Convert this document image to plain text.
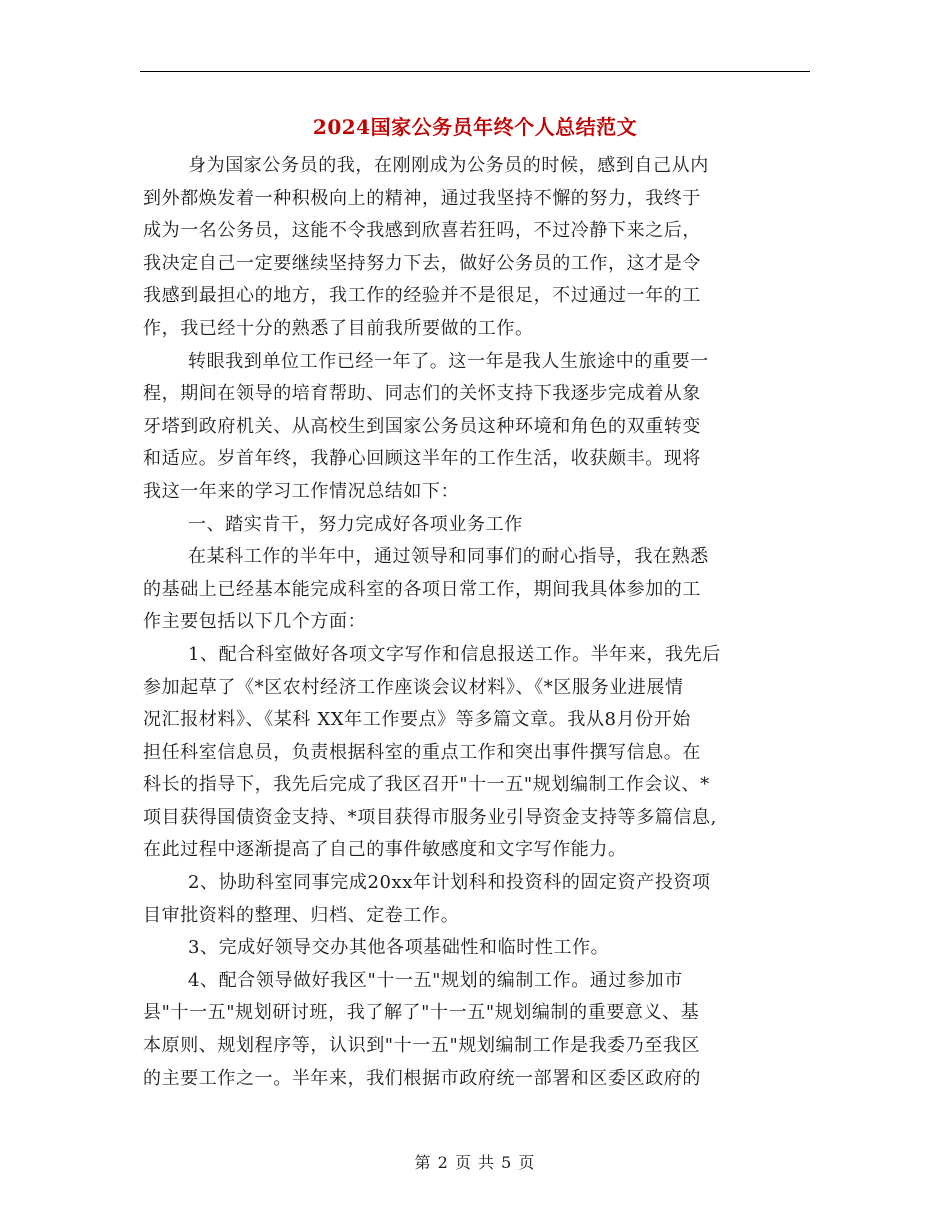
2024国家公务员年终个人总结范文
身为国家公务员的我，在刚刚成为公务员的时候，感到自己从内
到外都焕发着一种积极向上的精神，通过我坚持不懈的努力，我终于
成为一名公务员，这能不令我感到欣喜若狂吗，不过冷静下来之后，
我决定自己一定要继续坚持努力下去，做好公务员的工作，这才是令
我感到最担心的地方，我工作的经验并不是很足，不过通过一年的工
作，我已经十分的熟悉了目前我所要做的工作。
转眼我到单位工作已经一年了。这一年是我人生旅途中的重要一
程，期间在领导的培育帮助、同志们的关怀支持下我逐步完成着从象
牙塔到政府机关、从高校生到国家公务员这种环境和角色的双重转变
和适应。岁首年终，我静心回顾这半年的工作生活，收获颇丰。现将
我这一年来的学习工作情况总结如下：
一、踏实肯干，努力完成好各项业务工作
在某科工作的半年中，通过领导和同事们的耐心指导，我在熟悉
的基础上已经基本能完成科室的各项日常工作，期间我具体参加的工
作主要包括以下几个方面：
1、配合科室做好各项文字写作和信息报送工作。半年来，我先后
参加起草了《*区农村经济工作座谈会议材料》、《*区服务业进展情
况汇报材料》、《某科 XX年工作要点》等多篇文章。我从8月份开始
担任科室信息员，负责根据科室的重点工作和突出事件撰写信息。在
科长的指导下，我先后完成了我区召开"十一五"规划编制工作会议、*
项目获得国债资金支持、*项目获得市服务业引导资金支持等多篇信息,
在此过程中逐渐提高了自己的事件敏感度和文字写作能力。
2、协助科室同事完成20xx年计划科和投资科的固定资产投资项
目审批资料的整理、归档、定卷工作。
3、完成好领导交办其他各项基础性和临时性工作。
4、配合领导做好我区"十一五"规划的编制工作。通过参加市
县"十一五"规划研讨班，我了解了"十一五"规划编制的重要意义、基
本原则、规划程序等，认识到"十一五"规划编制工作是我委乃至我区
的主要工作之一。半年来，我们根据市政府统一部署和区委区政府的
第 2 页 共 5 页
